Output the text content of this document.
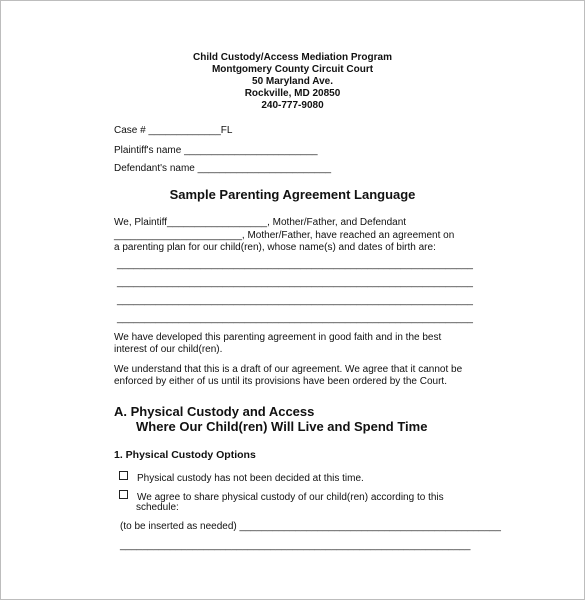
Child Custody/Access Mediation Program
Montgomery County Circuit Court
50 Maryland Ave.
Rockville, MD 20850
240-777-9080
Case # _____________FL
Plaintiff's name ________________________
Defendant's name ________________________
Sample Parenting Agreement Language
We, Plaintiff__________________, Mother/Father, and Defendant
_______________________, Mother/Father, have reached an agreement on
a parenting plan for our child(ren), whose name(s) and dates of birth are:
________________________________________________________________
________________________________________________________________
________________________________________________________________
________________________________________________________________
We have developed this parenting agreement in good faith and in the best
interest of our child(ren).
We understand that this is a draft of our agreement. We agree that it cannot be
enforced by either of us until its provisions have been ordered by the Court.
A. Physical Custody and Access
Where Our Child(ren) Will Live and Spend Time
1. Physical Custody Options
Physical custody has not been decided at this time.
We agree to share physical custody of our child(ren) according to this
schedule:
(to be inserted as needed) _______________________________________________
_______________________________________________________________
